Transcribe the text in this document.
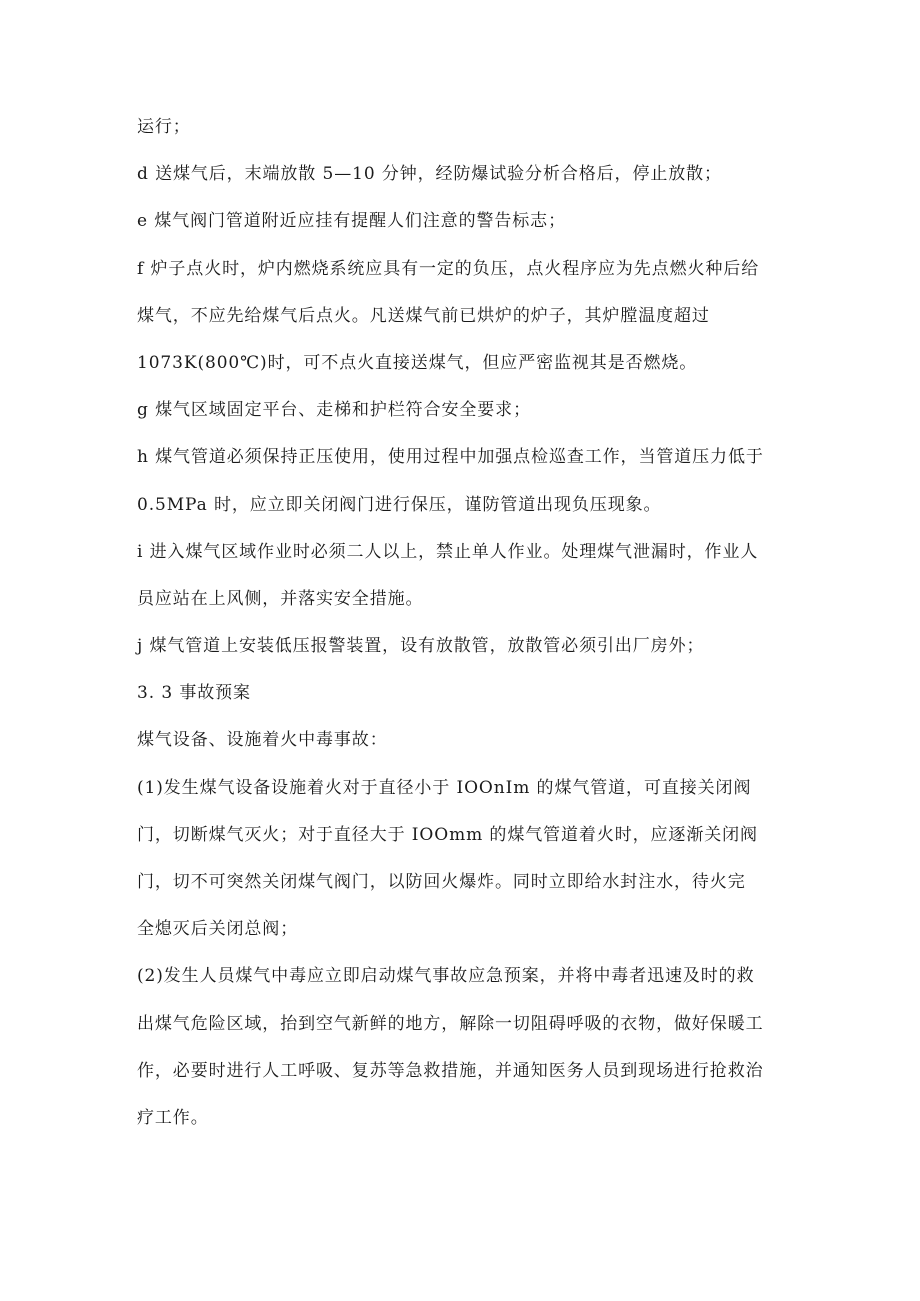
运行；
d 送煤气后，末端放散 5—10 分钟，经防爆试验分析合格后，停止放散；
e 煤气阀门管道附近应挂有提醒人们注意的警告标志；
f 炉子点火时，炉内燃烧系统应具有一定的负压，点火程序应为先点燃火种后给
煤气，不应先给煤气后点火。凡送煤气前已烘炉的炉子，其炉膛温度超过
1073K(800℃)时，可不点火直接送煤气，但应严密监视其是否燃烧。
g 煤气区域固定平台、走梯和护栏符合安全要求；
h 煤气管道必须保持正压使用，使用过程中加强点检巡查工作，当管道压力低于
0.5MPa 时，应立即关闭阀门进行保压，谨防管道出现负压现象。
i 进入煤气区域作业时必须二人以上，禁止单人作业。处理煤气泄漏时，作业人
员应站在上风侧，并落实安全措施。
j 煤气管道上安装低压报警装置，设有放散管，放散管必须引出厂房外；
3. 3 事故预案
煤气设备、设施着火中毒事故：
(1)发生煤气设备设施着火对于直径小于 IOOnIm 的煤气管道，可直接关闭阀
门，切断煤气灭火；对于直径大于 IOOmm 的煤气管道着火时，应逐渐关闭阀
门，切不可突然关闭煤气阀门，以防回火爆炸。同时立即给水封注水，待火完
全熄灭后关闭总阀；
(2)发生人员煤气中毒应立即启动煤气事故应急预案，并将中毒者迅速及时的救
出煤气危险区域，抬到空气新鲜的地方，解除一切阻碍呼吸的衣物，做好保暖工
作，必要时进行人工呼吸、复苏等急救措施，并通知医务人员到现场进行抢救治
疗工作。
